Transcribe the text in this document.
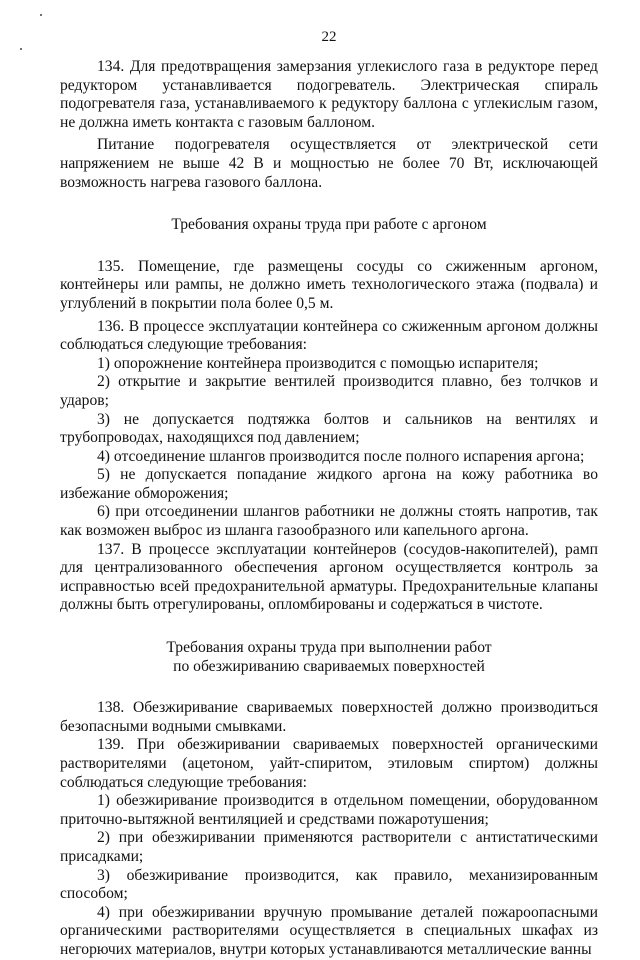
22

134. Для предотвращения замерзания углекислого газа в редукторе перед редуктором устанавливается подогреватель. Электрическая спираль подогревателя газа, устанавливаемого к редуктору баллона с углекислым газом, не должна иметь контакта с газовым баллоном.

Питание подогревателя осуществляется от электрической сети напряжением не выше 42 В и мощностью не более 70 Вт, исключающей возможность нагрева газового баллона.

Требования охраны труда при работе с аргоном

135. Помещение, где размещены сосуды со сжиженным аргоном, контейнеры или рампы, не должно иметь технологического этажа (подвала) и углублений в покрытии пола более 0,5 м.

136. В процессе эксплуатации контейнера со сжиженным аргоном должны соблюдаться следующие требования:

1) опорожнение контейнера производится с помощью испарителя;

2) открытие и закрытие вентилей производится плавно, без толчков и ударов;

3) не допускается подтяжка болтов и сальников на вентилях и трубопроводах, находящихся под давлением;

4) отсоединение шлангов производится после полного испарения аргона;

5) не допускается попадание жидкого аргона на кожу работника во избежание обморожения;

6) при отсоединении шлангов работники не должны стоять напротив, так как возможен выброс из шланга газообразного или капельного аргона.

137. В процессе эксплуатации контейнеров (сосудов-накопителей), рамп для централизованного обеспечения аргоном осуществляется контроль за исправностью всей предохранительной арматуры. Предохранительные клапаны должны быть отрегулированы, опломбированы и содержаться в чистоте.

Требования охраны труда при выполнении работ

по обезжириванию свариваемых поверхностей

138. Обезжиривание свариваемых поверхностей должно производиться безопасными водными смывками.

139. При обезжиривании свариваемых поверхностей органическими растворителями (ацетоном, уайт-спиритом, этиловым спиртом) должны соблюдаться следующие требования:

1) обезжиривание производится в отдельном помещении, оборудованном приточно-вытяжной вентиляцией и средствами пожаротушения;

2) при обезжиривании применяются растворители с антистатическими присадками;

3) обезжиривание производится, как правило, механизированным способом;

4) при обезжиривании вручную промывание деталей пожароопасными органическими растворителями осуществляется в специальных шкафах из негорючих материалов, внутри которых устанавливаются металлические ванны
